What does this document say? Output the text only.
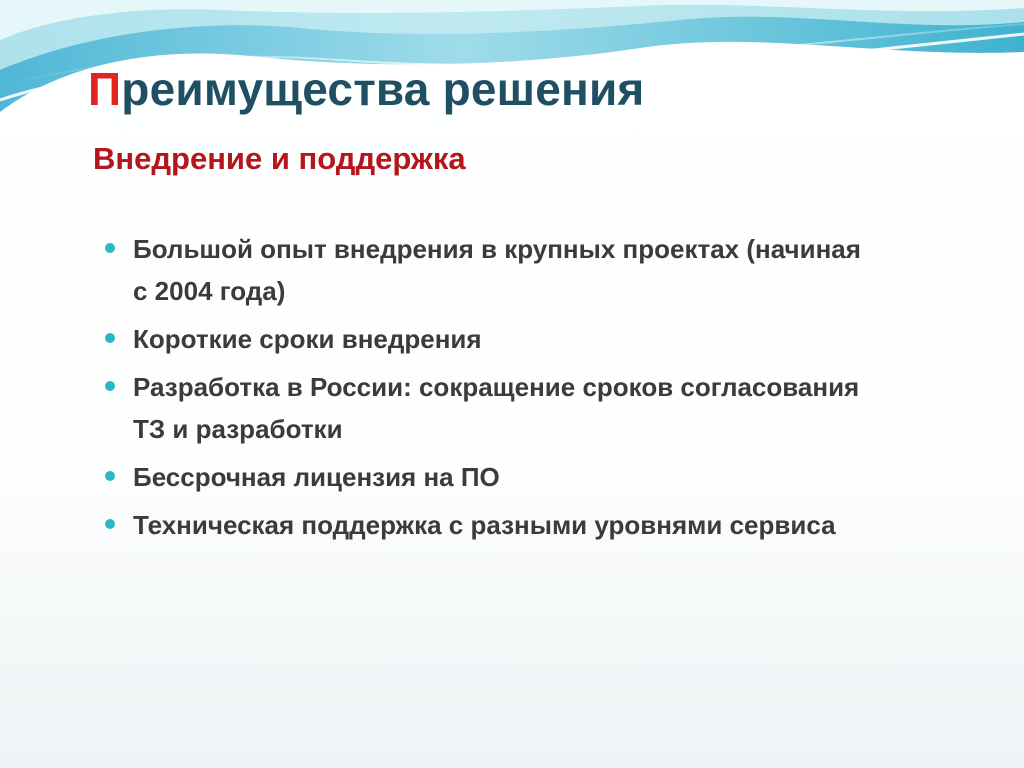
Преимущества решения
Внедрение и поддержка
Большой опыт внедрения в крупных проектах (начиная с 2004 года)
Короткие сроки внедрения
Разработка в России: сокращение сроков согласования ТЗ и разработки
Бессрочная лицензия на ПО
Техническая поддержка с разными уровнями сервиса
